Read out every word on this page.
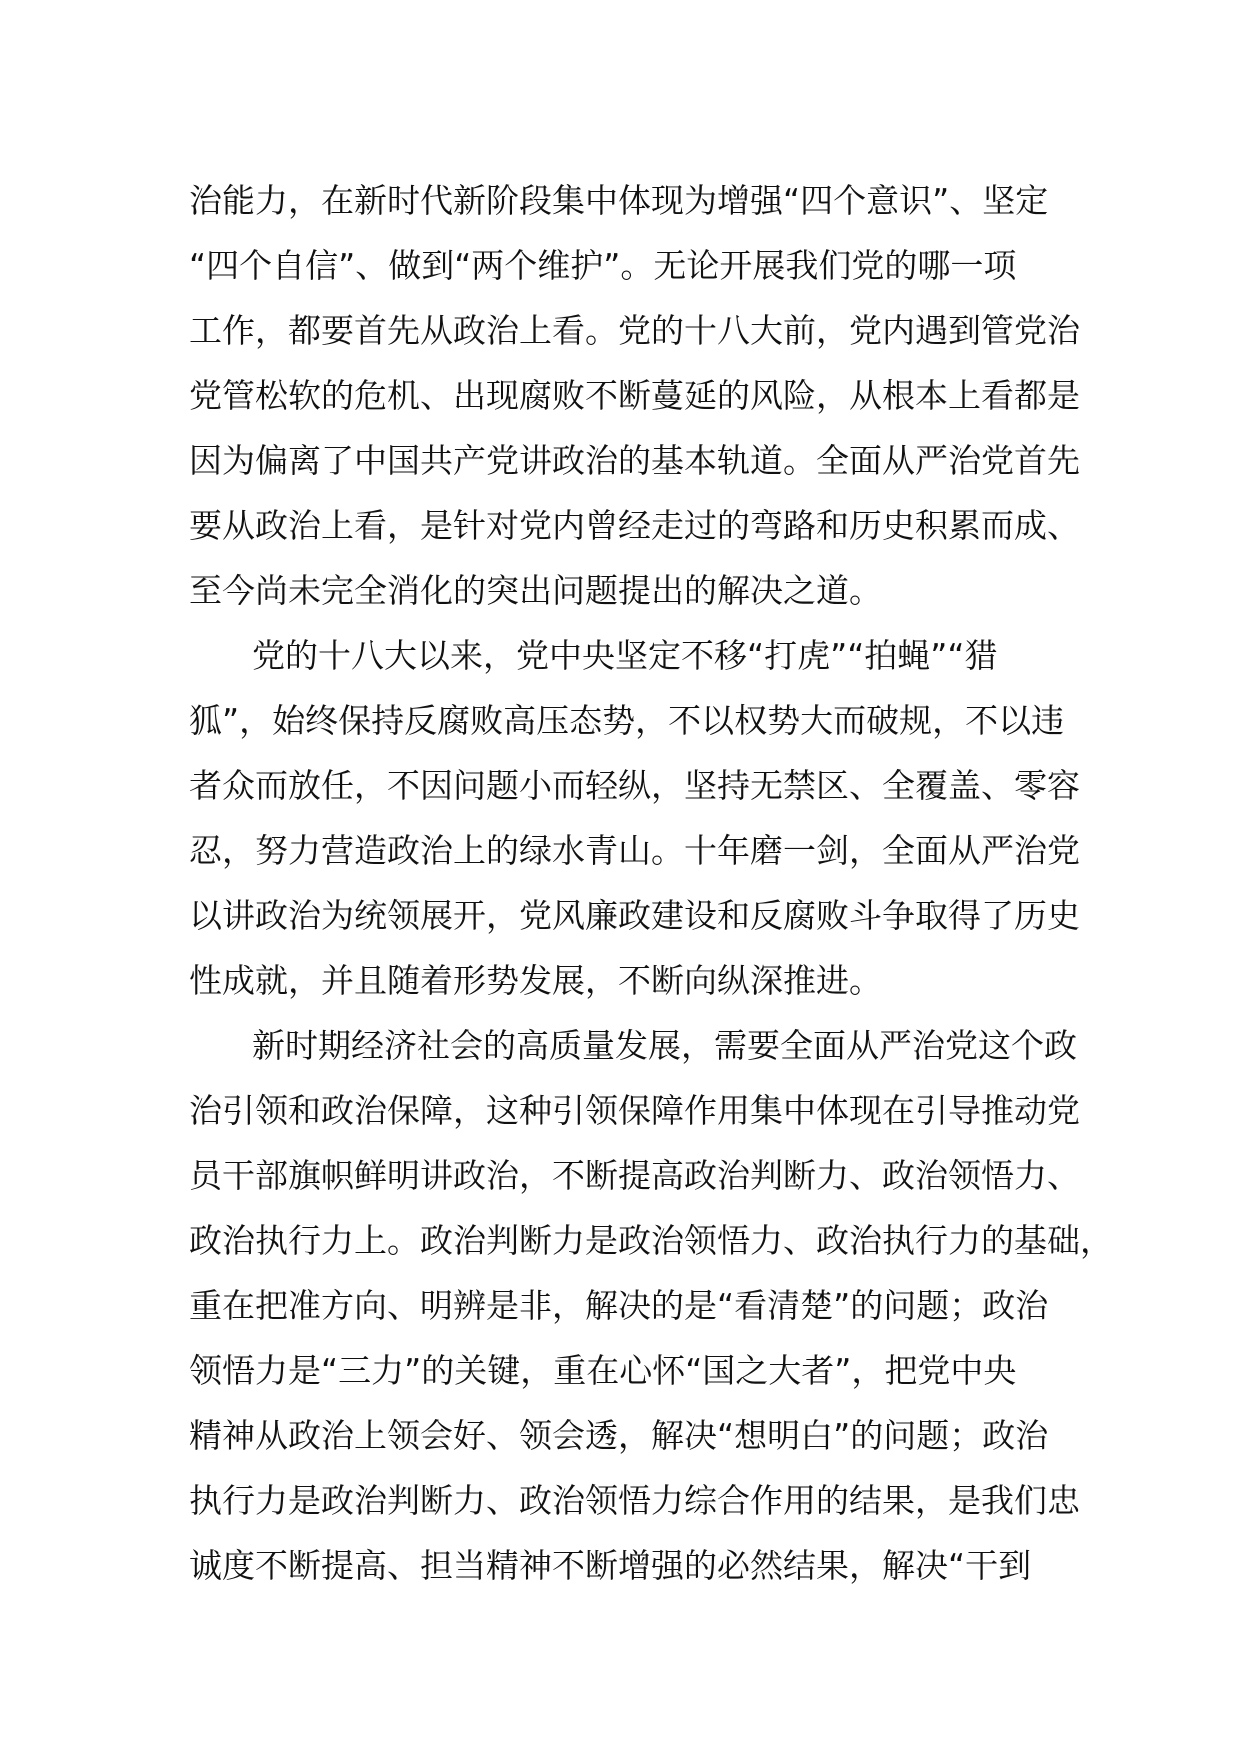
治能力，在新时代新阶段集中体现为增强“四个意识”、坚定
“四个自信”、做到“两个维护”。无论开展我们党的哪一项
工作，都要首先从政治上看。党的十八大前，党内遇到管党治
党管松软的危机、出现腐败不断蔓延的风险，从根本上看都是
因为偏离了中国共产党讲政治的基本轨道。全面从严治党首先
要从政治上看，是针对党内曾经走过的弯路和历史积累而成、
至今尚未完全消化的突出问题提出的解决之道。
党的十八大以来，党中央坚定不移“打虎”“拍蝇”“猎
狐”，始终保持反腐败高压态势，不以权势大而破规，不以违
者众而放任，不因问题小而轻纵，坚持无禁区、全覆盖、零容
忍，努力营造政治上的绿水青山。十年磨一剑，全面从严治党
以讲政治为统领展开，党风廉政建设和反腐败斗争取得了历史
性成就，并且随着形势发展，不断向纵深推进。
新时期经济社会的高质量发展，需要全面从严治党这个政
治引领和政治保障，这种引领保障作用集中体现在引导推动党
员干部旗帜鲜明讲政治，不断提高政治判断力、政治领悟力、
政治执行力上。政治判断力是政治领悟力、政治执行力的基础，
重在把准方向、明辨是非，解决的是“看清楚”的问题；政治
领悟力是“三力”的关键，重在心怀“国之大者”，把党中央
精神从政治上领会好、领会透，解决“想明白”的问题；政治
执行力是政治判断力、政治领悟力综合作用的结果，是我们忠
诚度不断提高、担当精神不断增强的必然结果，解决“干到
